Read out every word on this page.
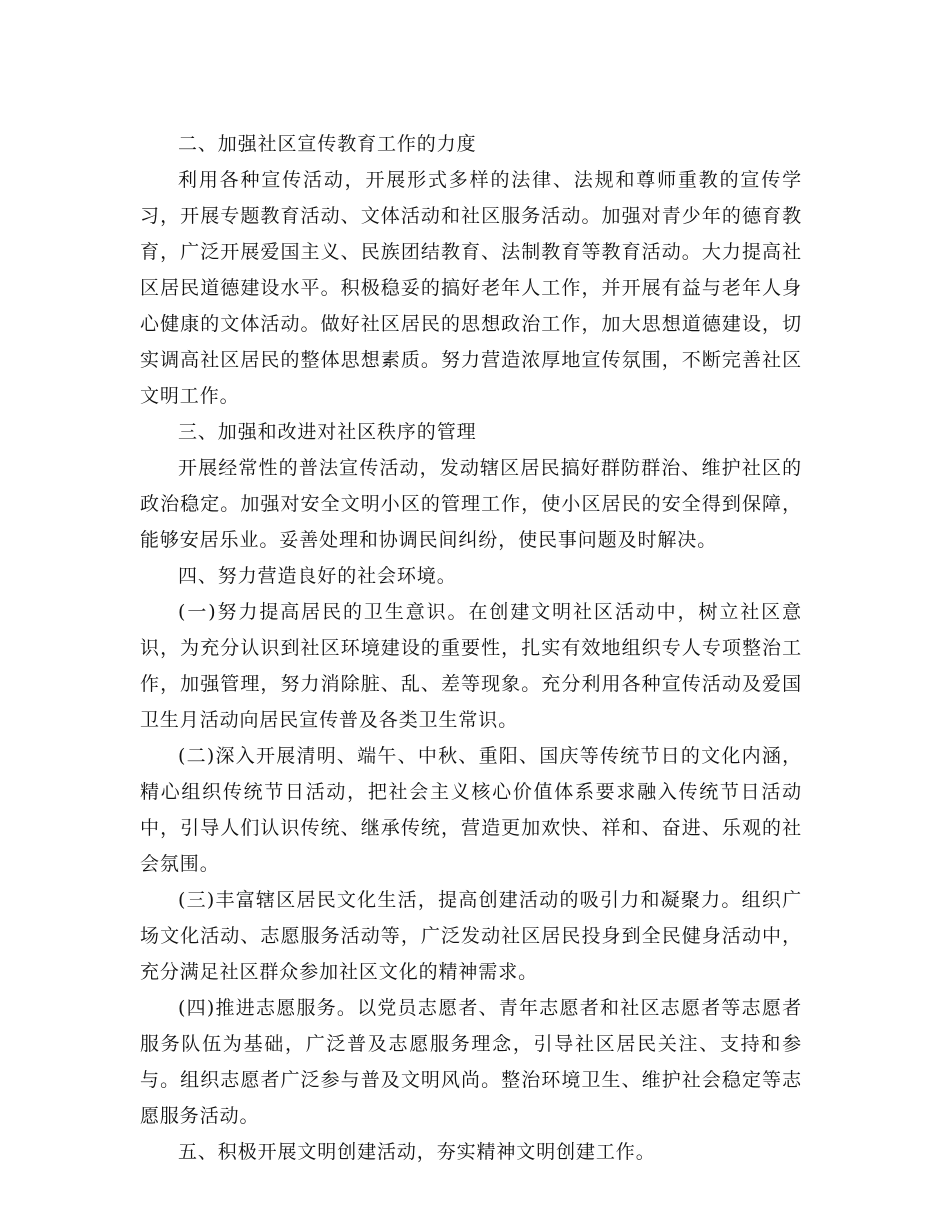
二、加强社区宣传教育工作的力度

利用各种宣传活动，开展形式多样的法律、法规和尊师重教的宣传学习，开展专题教育活动、文体活动和社区服务活动。加强对青少年的德育教育，广泛开展爱国主义、民族团结教育、法制教育等教育活动。大力提高社区居民道德建设水平。积极稳妥的搞好老年人工作，并开展有益与老年人身心健康的文体活动。做好社区居民的思想政治工作，加大思想道德建设，切实调高社区居民的整体思想素质。努力营造浓厚地宣传氛围，不断完善社区文明工作。

三、加强和改进对社区秩序的管理

开展经常性的普法宣传活动，发动辖区居民搞好群防群治、维护社区的政治稳定。加强对安全文明小区的管理工作，使小区居民的安全得到保障，能够安居乐业。妥善处理和协调民间纠纷，使民事问题及时解决。

四、努力营造良好的社会环境。

(一)努力提高居民的卫生意识。在创建文明社区活动中，树立社区意识，为充分认识到社区环境建设的重要性，扎实有效地组织专人专项整治工作，加强管理，努力消除脏、乱、差等现象。充分利用各种宣传活动及爱国卫生月活动向居民宣传普及各类卫生常识。

(二)深入开展清明、端午、中秋、重阳、国庆等传统节日的文化内涵，精心组织传统节日活动，把社会主义核心价值体系要求融入传统节日活动中，引导人们认识传统、继承传统，营造更加欢快、祥和、奋进、乐观的社会氛围。

(三)丰富辖区居民文化生活，提高创建活动的吸引力和凝聚力。组织广场文化活动、志愿服务活动等，广泛发动社区居民投身到全民健身活动中，充分满足社区群众参加社区文化的精神需求。

(四)推进志愿服务。以党员志愿者、青年志愿者和社区志愿者等志愿者服务队伍为基础，广泛普及志愿服务理念，引导社区居民关注、支持和参与。组织志愿者广泛参与普及文明风尚。整治环境卫生、维护社会稳定等志愿服务活动。

五、积极开展文明创建活动，夯实精神文明创建工作。
